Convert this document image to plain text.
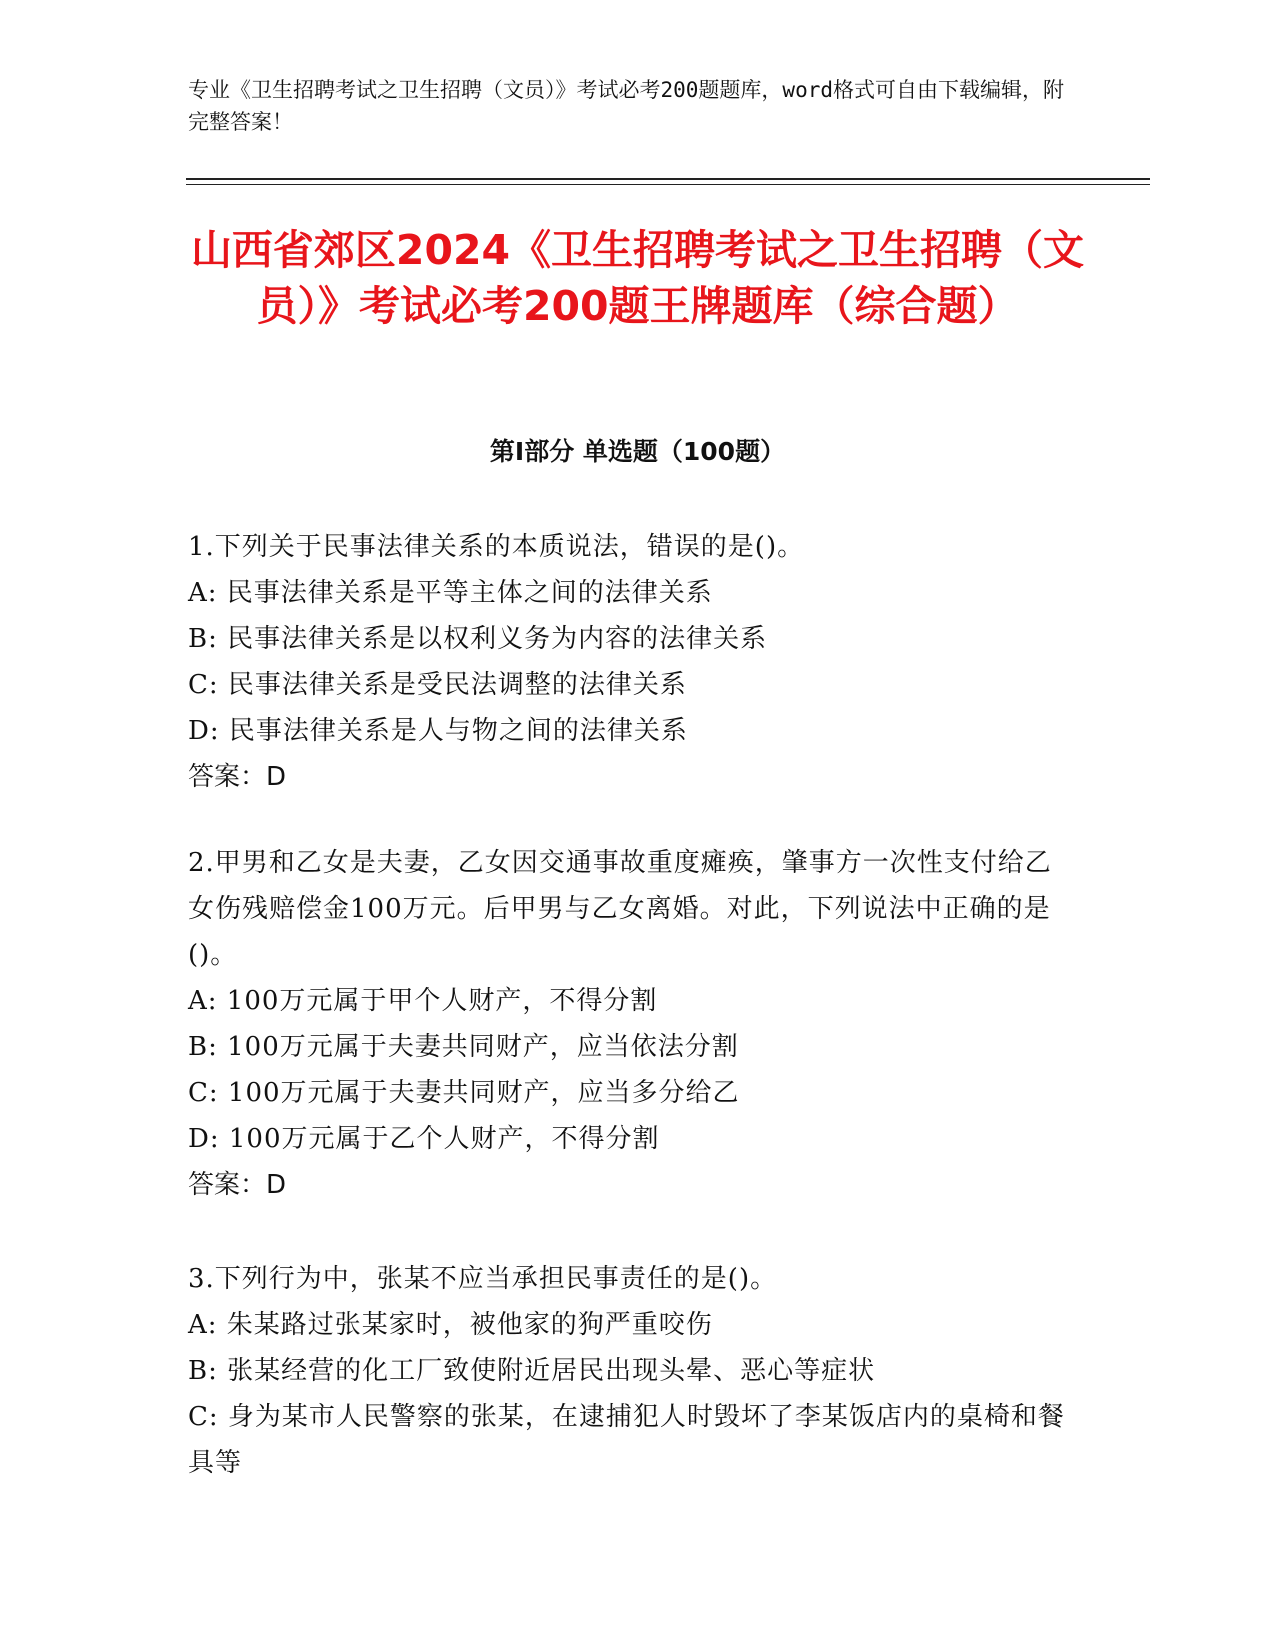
专业《卫生招聘考试之卫生招聘（文员）》考试必考200题题库，word格式可自由下载编辑，附完整答案！
山西省郊区2024《卫生招聘考试之卫生招聘（文员）》考试必考200题王牌题库（综合题）
第I部分 单选题（100题）

1.下列关于民事法律关系的本质说法，错误的是()。

A: 民事法律关系是平等主体之间的法律关系

B: 民事法律关系是以权利义务为内容的法律关系

C: 民事法律关系是受民法调整的法律关系

D: 民事法律关系是人与物之间的法律关系

答案：D

2.甲男和乙女是夫妻，乙女因交通事故重度瘫痪，肇事方一次性支付给乙女伤残赔偿金100万元。后甲男与乙女离婚。对此，下列说法中正确的是()。

A: 100万元属于甲个人财产，不得分割

B: 100万元属于夫妻共同财产，应当依法分割

C: 100万元属于夫妻共同财产，应当多分给乙

D: 100万元属于乙个人财产，不得分割

答案：D

3.下列行为中，张某不应当承担民事责任的是()。

A: 朱某路过张某家时，被他家的狗严重咬伤

B: 张某经营的化工厂致使附近居民出现头晕、恶心等症状

C: 身为某市人民警察的张某，在逮捕犯人时毁坏了李某饭店内的桌椅和餐具等
